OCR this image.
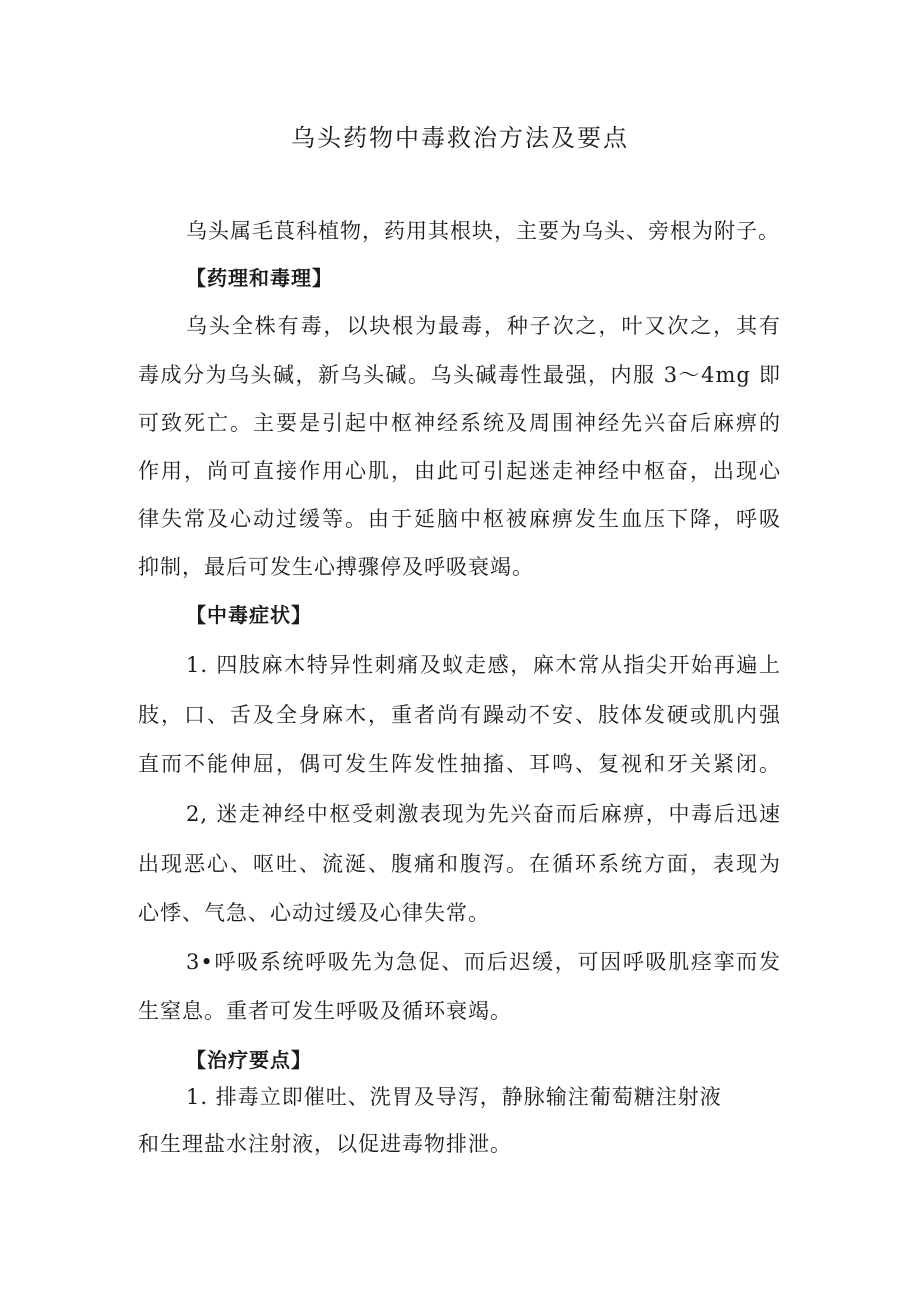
乌头药物中毒救治方法及要点

乌头属毛茛科植物，药用其根块，主要为乌头、旁根为附子。

【药理和毒理】

乌头全株有毒，以块根为最毒，种子次之，叶又次之，其有

毒成分为乌头碱，新乌头碱。乌头碱毒性最强，内服 3～4mg 即

可致死亡。主要是引起中枢神经系统及周围神经先兴奋后麻痹的

作用，尚可直接作用心肌，由此可引起迷走神经中枢奋，出现心

律失常及心动过缓等。由于延脑中枢被麻痹发生血压下降，呼吸

抑制，最后可发生心搏骤停及呼吸衰竭。

【中毒症状】

1. 四肢麻木特异性刺痛及蚁走感，麻木常从指尖开始再遍上

肢，口、舌及全身麻木，重者尚有躁动不安、肢体发硬或肌内强

直而不能伸屈，偶可发生阵发性抽搐、耳鸣、复视和牙关紧闭。

2, 迷走神经中枢受刺激表现为先兴奋而后麻痹，中毒后迅速

出现恶心、呕吐、流涎、腹痛和腹泻。在循环系统方面，表现为

心悸、气急、心动过缓及心律失常。

3•呼吸系统呼吸先为急促、而后迟缓，可因呼吸肌痉挛而发

生窒息。重者可发生呼吸及循环衰竭。

【治疗要点】

1. 排毒立即催吐、洗胃及导泻，静脉输注葡萄糖注射液

和生理盐水注射液，以促进毒物排泄。
